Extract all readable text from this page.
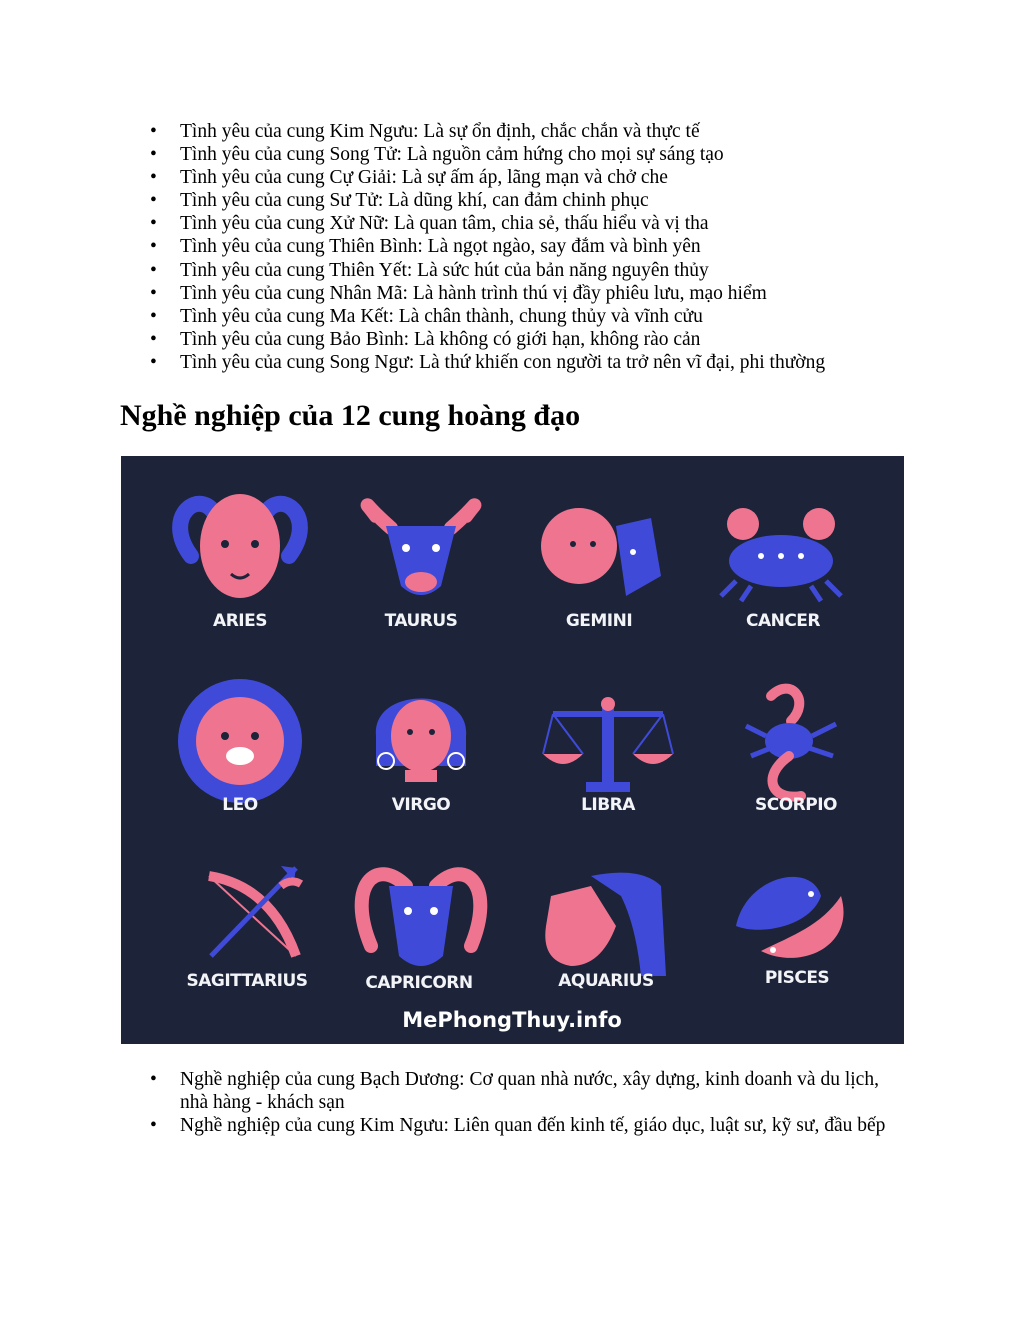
• Tình yêu của cung Kim Ngưu: Là sự ổn định, chắc chắn và thực tế
• Tình yêu của cung Song Tử: Là nguồn cảm hứng cho mọi sự sáng tạo
• Tình yêu của cung Cự Giải: Là sự ấm áp, lãng mạn và chở che
• Tình yêu của cung Sư Tử: Là dũng khí, can đảm chinh phục
• Tình yêu của cung Xử Nữ: Là quan tâm, chia sẻ, thấu hiểu và vị tha
• Tình yêu của cung Thiên Bình: Là ngọt ngào, say đắm và bình yên
• Tình yêu của cung Thiên Yết: Là sức hút của bản năng nguyên thủy
• Tình yêu của cung Nhân Mã: Là hành trình thú vị đầy phiêu lưu, mạo hiểm
• Tình yêu của cung Ma Kết: Là chân thành, chung thủy và vĩnh cửu
• Tình yêu của cung Bảo Bình: Là không có giới hạn, không rào cản
• Tình yêu của cung Song Ngư: Là thứ khiến con người ta trở nên vĩ đại, phi thường
Nghề nghiệp của 12 cung hoàng đạo
ARIES	TAURUS	GEMINI	CANCER
LEO	VIRGO	LIBRA	SCORPIO
SAGITTARIUS	CAPRICORN	AQUARIUS	PISCES
MePhongThuy.info
• Nghề nghiệp của cung Bạch Dương: Cơ quan nhà nước, xây dựng, kinh doanh và du lịch, nhà hàng - khách sạn
• Nghề nghiệp của cung Kim Ngưu: Liên quan đến kinh tế, giáo dục, luật sư, kỹ sư, đầu bếp
